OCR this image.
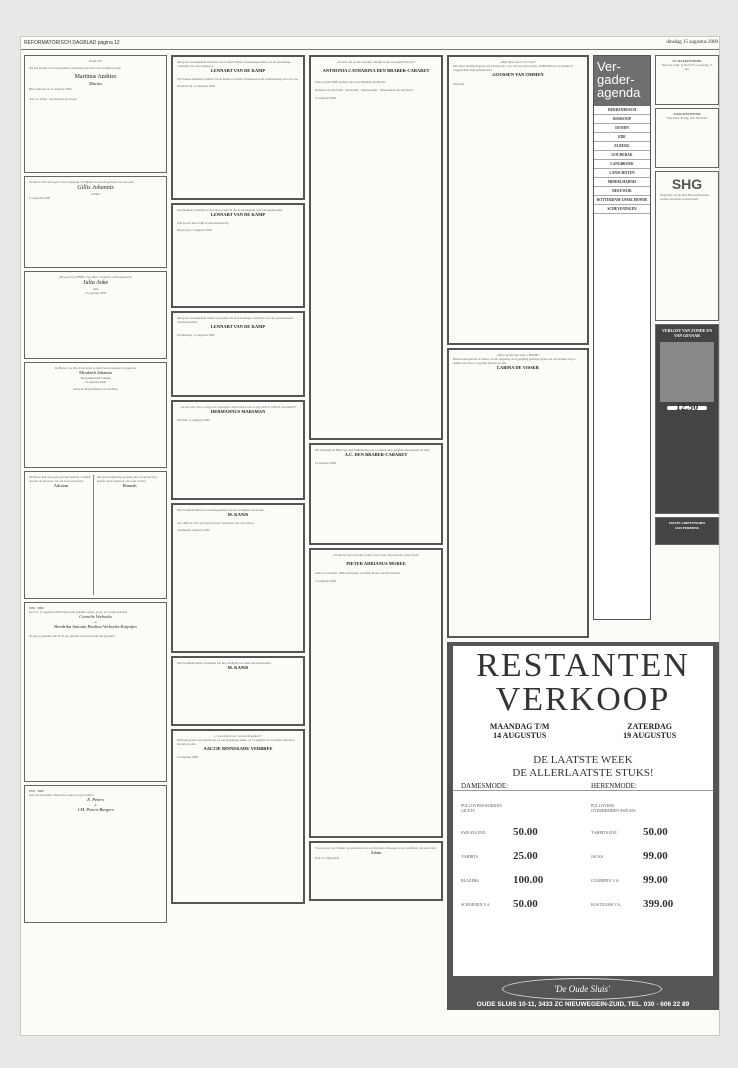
REFORMATORISCH DAGBLAD pagina 12	dinsdag 15 augustus 2000
Psalm 116
Als een bewijs van Gods goedheid ontvingen wij onze zoon en mijn broertje
Martinus Andries
Marius
Hij is geboren op 11 augustus 2000
Arno en Joline · Stoomhoeve-de Voogd
De Heere, Die leven gaf en leven spaarde, verblijdde ons met de geboorte van ons zoon
Gillis Johannis
Gillian
17 augustus 2000
Het geen Gij, HEER, Uw volken / bestemt, wordt uitgevoerd
Julia Anke
Julia
15 augustus 2000
De Heere, van Wie al het leven is, heeft lieven gespaard en gegeven
Elisabeth Johanna
We noemen haar Lisanne
14 augustus 2000
Jurian en Marja Mudde-van den Berg
De Heere, Die leven gaf en leven spaarde, verblijdt ons met de geboorte van ons zoon en broertje
Adriaan
Met grote blijdschap en dank aan God geven wij u kennis van de geboorte van onze dochter
Hannah
1950 · 2000
Op D.V. 17 augustus 2000 hopen onze geliefde ouders, groot- en overgrootouders
Cornelis Verhoeks
en
Hendrika Antonia Paulina Verhoeks-Kuijntjes
de dag te gedenken dat zij 50 jaar geleden in het huwelijk zijn getreden.
1970 · 2000
Getrouw bevonden. Onze lieve ouders en grootouders
E. Peters
&
J.M. Peters-Burgers
Met grote verslagenheid en intens veel verdriet hebben wij kennisgenomen van het plotselinge overlijden van onze kleinzoon
LENNART VAN DE KAMP
Wij wensen Albertine, familie Van de Kamp en familie Thomassen Gods ondersteuning en troost toe.
Woudenberg, 12 augustus 2000
Geschrokken vernamen we het droeve bericht, dat is verongelukt onze oud-medewerker
LENNART VAN DE KAMP
Zijn trouwe inzet blijft in onze herinnering.
Barneveld, 11 augustus 2000
Met grote verslagenheid namen wij kennis van het plotselinge overlijden van onze gewaardeerde oud-medewerker
LENNART VAN DE KAMP
Woudenberg, 11 augustus 2000
„Al zou mijn vlees en mijn hart bezwijken, mijns harten rots en mijn deel is GOD in eeuwigheid”
HERMANNUS MARSMAN
Wierden, 11 augustus 2000
Met droefheid hebben we kennisgenomen van het overlijden van de heer
M. KANIS
Van 1984 tot 1971 was hij als koster verbonden aan onze school.
Aagtekerke, augustus 2000
Met droefheid namen wij kennis van het overlijden van onze oud-medewerker
M. KANIS
„U gevoelden voor God wordt gedacht”
Bedroefd geven wij u kennis dat, na een langdurige ziekte, op 12 augustus is overleden onze lieve moeder en oma
AALTJE BINNEKADE-VERBREE
12 augustus 2000
„Ik weet, dat al wat God doet, dat dat in der eeuwigheid zijn zal”
ANTHONIA CATHARINA DEN BRABER-CABARET
sinds 14 juni 1988 weduwe van Gerrit Marinus den Braber
Krimpen aan den IJssel · Rotterdam · Alblasserdam · Nieuwerkerk aan den IJssel
12 augustus 2000
Het behaagde de Heere uit onze familiekring weg te nemen onze geliefde schoonzuster en tante
A.C. DEN BRABER-CABARET
12 augustus 2000
„En dat het vlees niet dan verderf, den Geest, Zijn hemelse wezen hooft”
PIETER ADRIANUS MOREE
sinds 12 november 1996 weduwnaar van Dirje Moree-van der Wouden
14 augustus 2000
Voor de zeer vele blijken van medeleven die wij mochten ontvangen na het overlijden van onze lieve
Adam
Fam. A. Slingerland
„Mijn tijden zijn in Uw hand”
Met diepe droefheid geven wij u kennis dat, voor ons nog onverwacht, de HEERE uit ons midden is weggenomen mijn geliefde man
GOOSSEN VAN OMMEN
Nijverdal
„Want Gij zijt mijn hulp, o HEERE”
Heden behaagde het de Heere, na een langdurig doch geduldig gedragen lijden, uit ons midden weg te nemen onze lieve, zorgzame moeder en oma
LABINA DE VISSER
Ver-
gader-
agenda
HERKENBOSCH
BOSKOOP
DOORN
EDE
ELBURG
GOUDERAK
LANGBROEK
LANSCHOTEN
MIDDELHARNIS
REEUWIJK
ROTTERDAM-IJSSELMONDE
SCHEVENINGEN
ST. MAARTENSDIJK
Oud Ger. Gem. in Ned. D.V. woensdag 17 aug.
ZWAGWESTEINDE
Vrije Herv. Evang. Geb. Belsande
SHG
Uitgeverij van de Ned. Hervormde Kerk. Gezins-bejaarden en jeugdwerk.
VERLOST VAN ZONDE EN VAN GEVAAR
12,50
HOTEL DREVENORD OOSTERBEEK
RESTANTEN
VERKOOP
MAANDAG T/M
14 AUGUSTUS
ZATERDAG
19 AUGUSTUS
DE LAATSTE WEEK
DE ALLERLAATSTE STUKS!
DAMESMODE:	HERENMODE:
PULLOVERS ROKKEN GILETS
PULLOVERS OVERHEMDEN SWEATS
SWEATS ENZ.	50.00	T-SHIRTS ENZ.	50.00
T-SHIRTS	25.00	JACKS	99.00
BLAZERS	100.00	COLBERTS V.A.	99.00
SCHOENEN V.A.	50.00	KOSTUUMS V.A.	399.00
'De Oude Sluis'
OUDE SLUIS 10-11, 3433 ZC NIEUWEGEIN-ZUID, TEL. 030 - 606 22 89
